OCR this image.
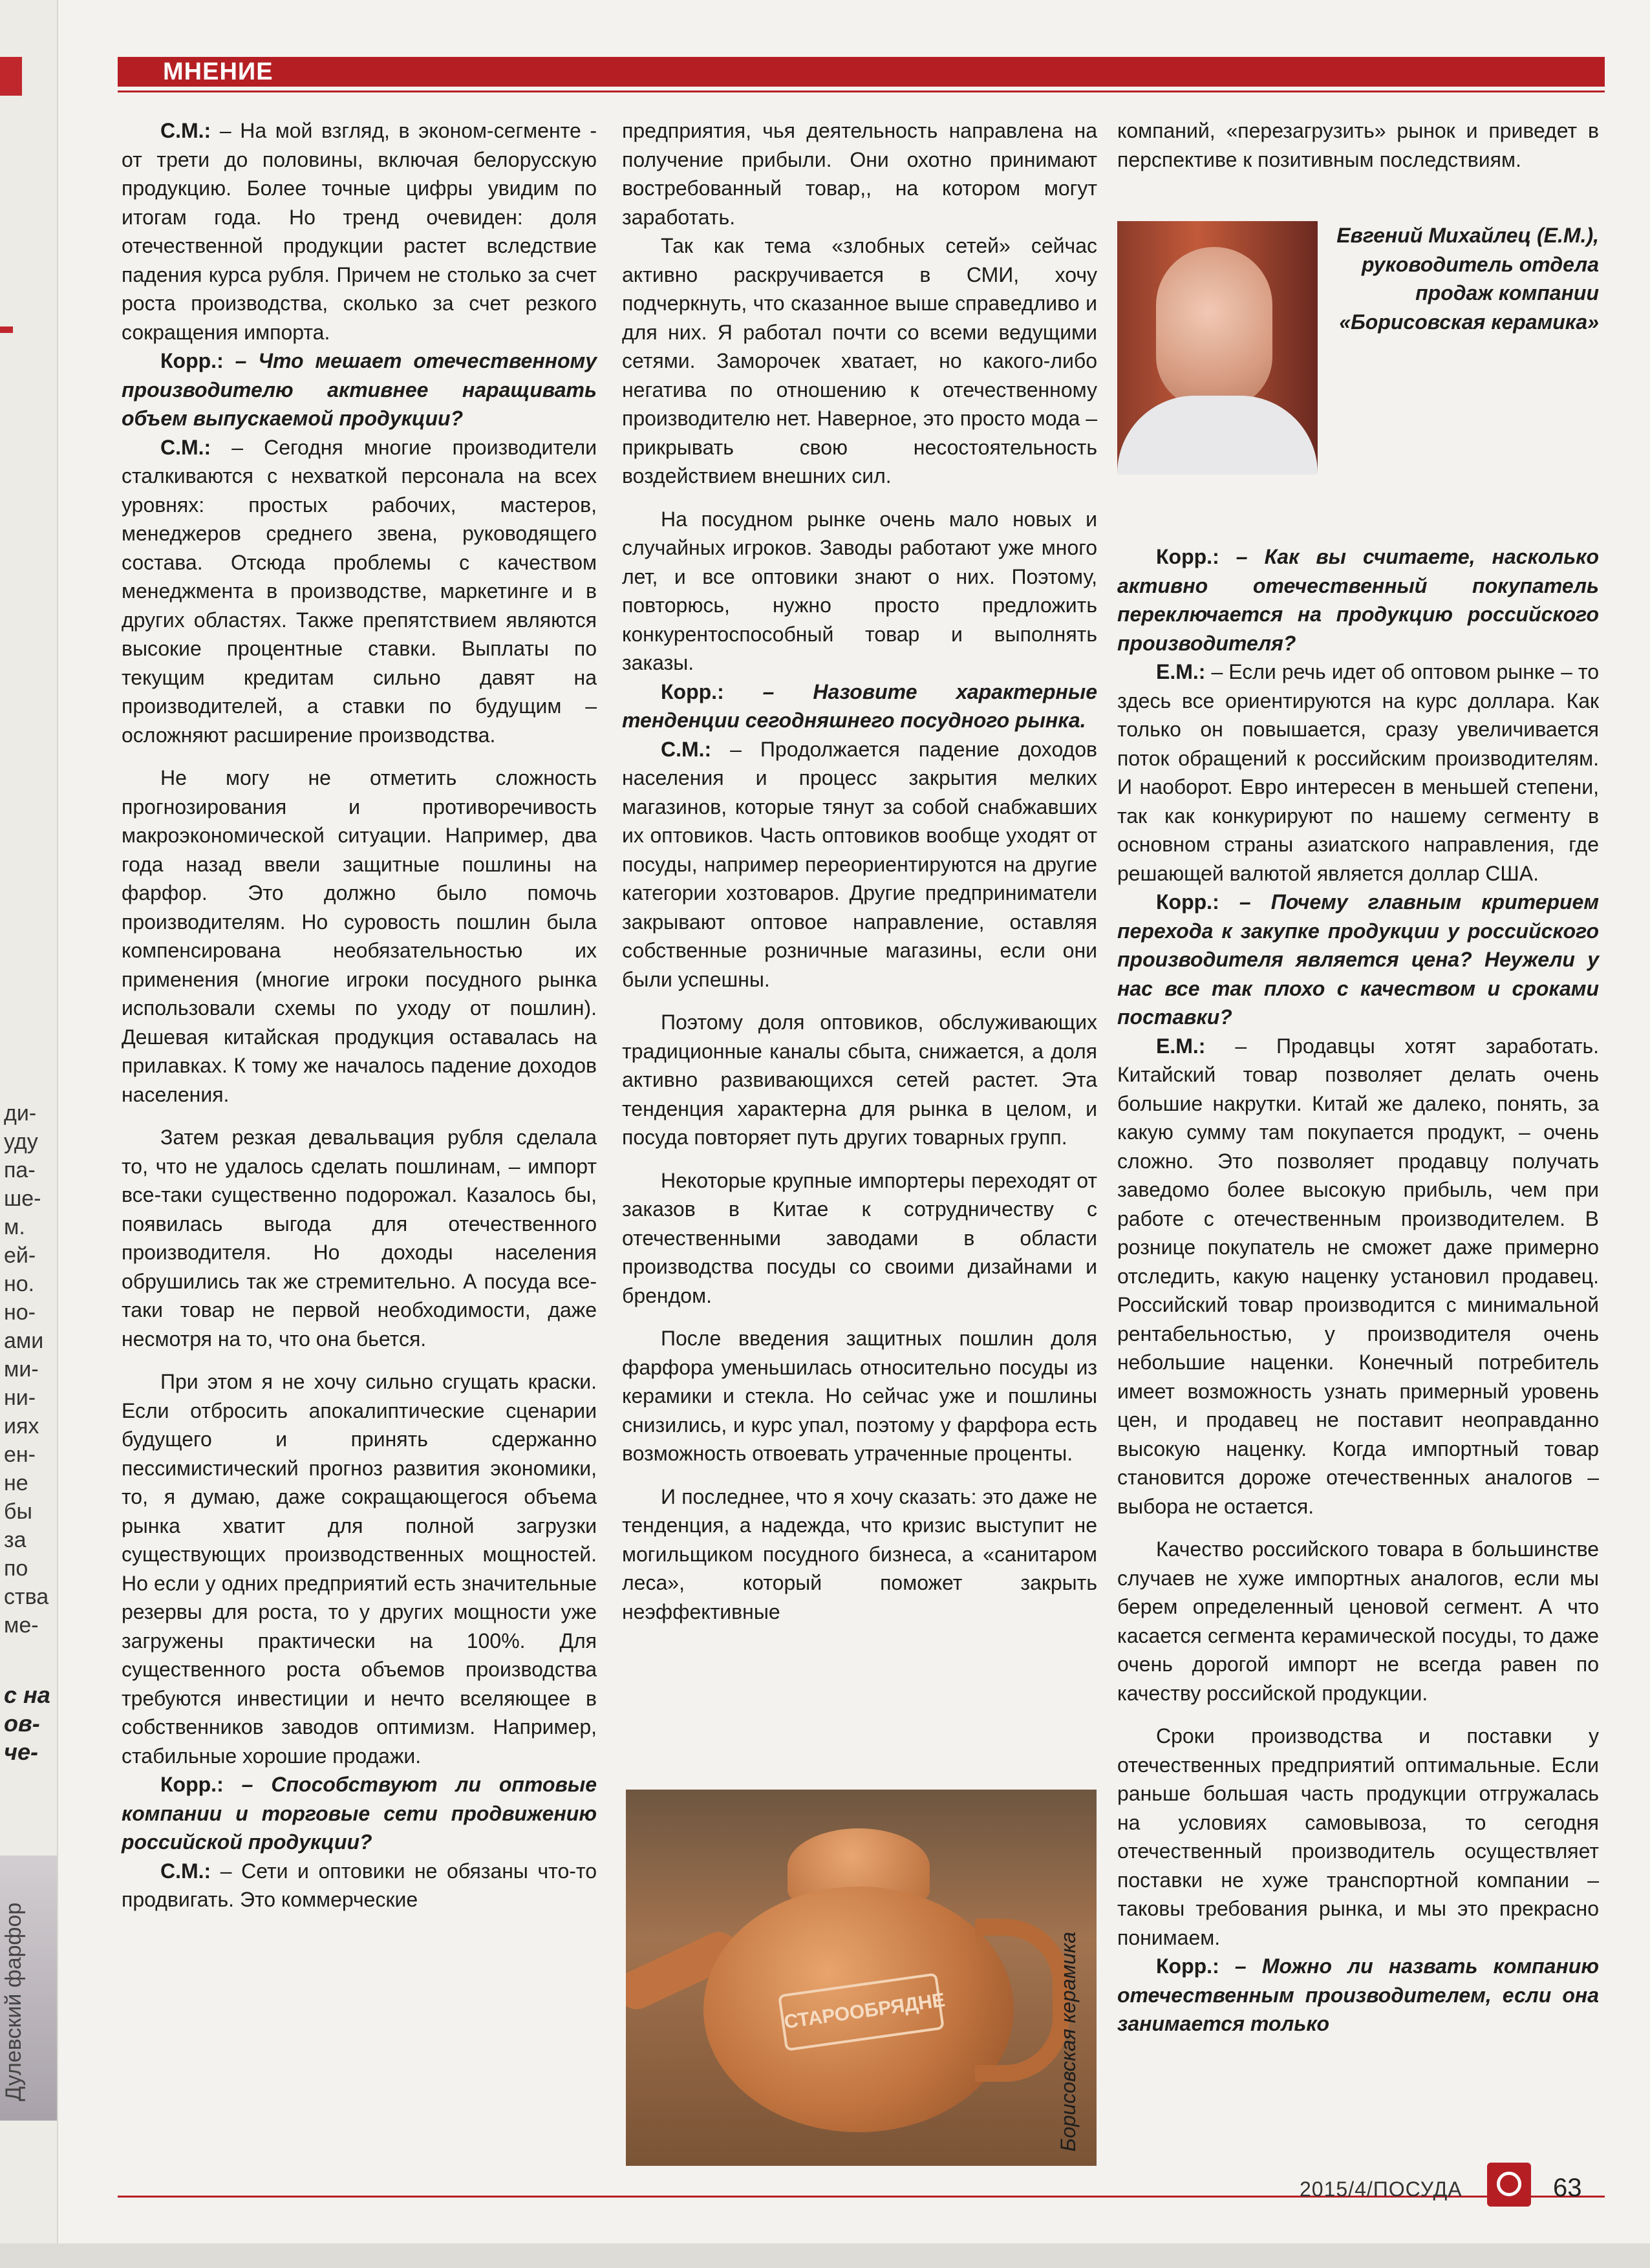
ди-
уду
па-
ше-
м.
ей-
но.
но-
ами
ми-
ни-
иях
ен-
не
бы
за
по
ства
ме-
с на
ов-
че-
Дулевский фарфор
МНЕНИЕ

С.М.: – На мой взгляд, в эконом-сегменте - от трети до половины, включая белорусскую продукцию. Более точные цифры увидим по итогам года. Но тренд очевиден: доля отечественной продукции растет вследствие падения курса рубля. Причем не столько за счет роста производства, сколько за счет резкого сокращения импорта.

Корр.: – Что мешает отечественному производителю активнее наращивать объем выпускаемой продукции?

С.М.: – Сегодня многие производители сталкиваются с нехваткой персонала на всех уровнях: простых рабочих, мастеров, менеджеров среднего звена, руководящего состава. Отсюда проблемы с качеством менеджмента в производстве, маркетинге и в других областях. Также препятствием являются высокие процентные ставки. Выплаты по текущим кредитам сильно давят на производителей, а ставки по будущим – осложняют расширение производства.

Не могу не отметить сложность прогнозирования и противоречивость макроэкономической ситуации. Например, два года назад ввели защитные пошлины на фарфор. Это должно было помочь производителям. Но суровость пошлин была компенсирована необязательностью их применения (многие игроки посудного рынка использовали схемы по уходу от пошлин). Дешевая китайская продукция оставалась на прилавках. К тому же началось падение доходов населения.

Затем резкая девальвация рубля сделала то, что не удалось сделать пошлинам, – импорт все-таки существенно подорожал. Казалось бы, появилась выгода для отечественного производителя. Но доходы населения обрушились так же стремительно. А посуда все-таки товар не первой необходимости, даже несмотря на то, что она бьется.

При этом я не хочу сильно сгущать краски. Если отбросить апокалиптические сценарии будущего и принять сдержанно пессимистический прогноз развития экономики, то, я думаю, даже сокращающегося объема рынка хватит для полной загрузки существующих производственных мощностей. Но если у одних предприятий есть значительные резервы для роста, то у других мощности уже загружены практически на 100%. Для существенного роста объемов производства требуются инвестиции и нечто вселяющее в собственников заводов оптимизм. Например, стабильные хорошие продажи.

Корр.: – Способствуют ли оптовые компании и торговые сети продвижению российской продукции?

С.М.: – Сети и оптовики не обязаны что-то продвигать. Это коммерческие

предприятия, чья деятельность направлена на получение прибыли. Они охотно принимают востребованный товар,, на котором могут заработать.

Так как тема «злобных сетей» сейчас активно раскручивается в СМИ, хочу подчеркнуть, что сказанное выше справедливо и для них. Я работал почти со всеми ведущими сетями. Заморочек хватает, но какого-либо негатива по отношению к отечественному производителю нет. Наверное, это просто мода – прикрывать свою несостоятельность воздействием внешних сил.

На посудном рынке очень мало новых и случайных игроков. Заводы работают уже много лет, и все оптовики знают о них. Поэтому, повторюсь, нужно просто предложить конкурентоспособный товар и выполнять заказы.

Корр.: – Назовите характерные тенденции сегодняшнего посудного рынка.

С.М.: – Продолжается падение доходов населения и процесс закрытия мелких магазинов, которые тянут за собой снабжавших их оптовиков. Часть оптовиков вообще уходят от посуды, например переориентируются на другие категории хозтоваров. Другие предприниматели закрывают оптовое направление, оставляя собственные розничные магазины, если они были успешны.

Поэтому доля оптовиков, обслуживающих традиционные каналы сбыта, снижается, а доля активно развивающихся сетей растет. Эта тенденция характерна для рынка в целом, и посуда повторяет путь других товарных групп.

Некоторые крупные импортеры переходят от заказов в Китае к сотрудничеству с отечественными заводами в области производства посуды со своими дизайнами и брендом.

После введения защитных пошлин доля фарфора уменьшилась относительно посуды из керамики и стекла. Но сейчас уже и пошлины снизились, и курс упал, поэтому у фарфора есть возможность отвоевать утраченные проценты.

И последнее, что я хочу сказать: это даже не тенденция, а надежда, что кризис выступит не могильщиком посудного бизнеса, а «санитаром леса», который поможет закрыть неэффективные

СТАРООБРЯДНЕ	Борисовская керамика

компаний, «перезагрузить» рынок и приведет в перспективе к позитивным последствиям.

Корр.: – Как вы считаете, насколько активно отечественный покупатель переключается на продукцию российского производителя?

Е.М.: – Если речь идет об оптовом рынке – то здесь все ориентируются на курс доллара. Как только он повышается, сразу увеличивается поток обращений к российским производителям. И наоборот. Евро интересен в меньшей степени, так как конкурируют по нашему сегменту в основном страны азиатского направления, где решающей валютой является доллар США.

Корр.: – Почему главным критерием перехода к закупке продукции у российского производителя является цена? Неужели у нас все так плохо с качеством и сроками поставки?

Е.М.: – Продавцы хотят заработать. Китайский товар позволяет делать очень большие накрутки. Китай же далеко, понять, за какую сумму там покупается продукт, – очень сложно. Это позволяет продавцу получать заведомо более высокую прибыль, чем при работе с отечественным производителем. В рознице покупатель не сможет даже примерно отследить, какую наценку установил продавец. Российский товар производится с минимальной рентабельностью, у производителя очень небольшие наценки. Конечный потребитель имеет возможность узнать примерный уровень цен, и продавец не поставит неоправданно высокую наценку. Когда импортный товар становится дороже отечественных аналогов – выбора не остается.

Качество российского товара в большинстве случаев не хуже импортных аналогов, если мы берем определенный ценовой сегмент. А что касается сегмента керамической посуды, то даже очень дорогой импорт не всегда равен по качеству российской продукции.

Сроки производства и поставки у отечественных предприятий оптимальные. Если раньше большая часть продукции отгружалась на условиях самовывоза, то сегодня отечественный производитель осуществляет поставки не хуже транспортной компании – таковы требования рынка, и мы это прекрасно понимаем.

Корр.: – Можно ли назвать компанию отечественным производителем, если она занимается только

Евгений Михайлец (Е.М.), руководитель отдела продаж компании «Борисовская керамика»
2015/4/ПОСУДА	63
